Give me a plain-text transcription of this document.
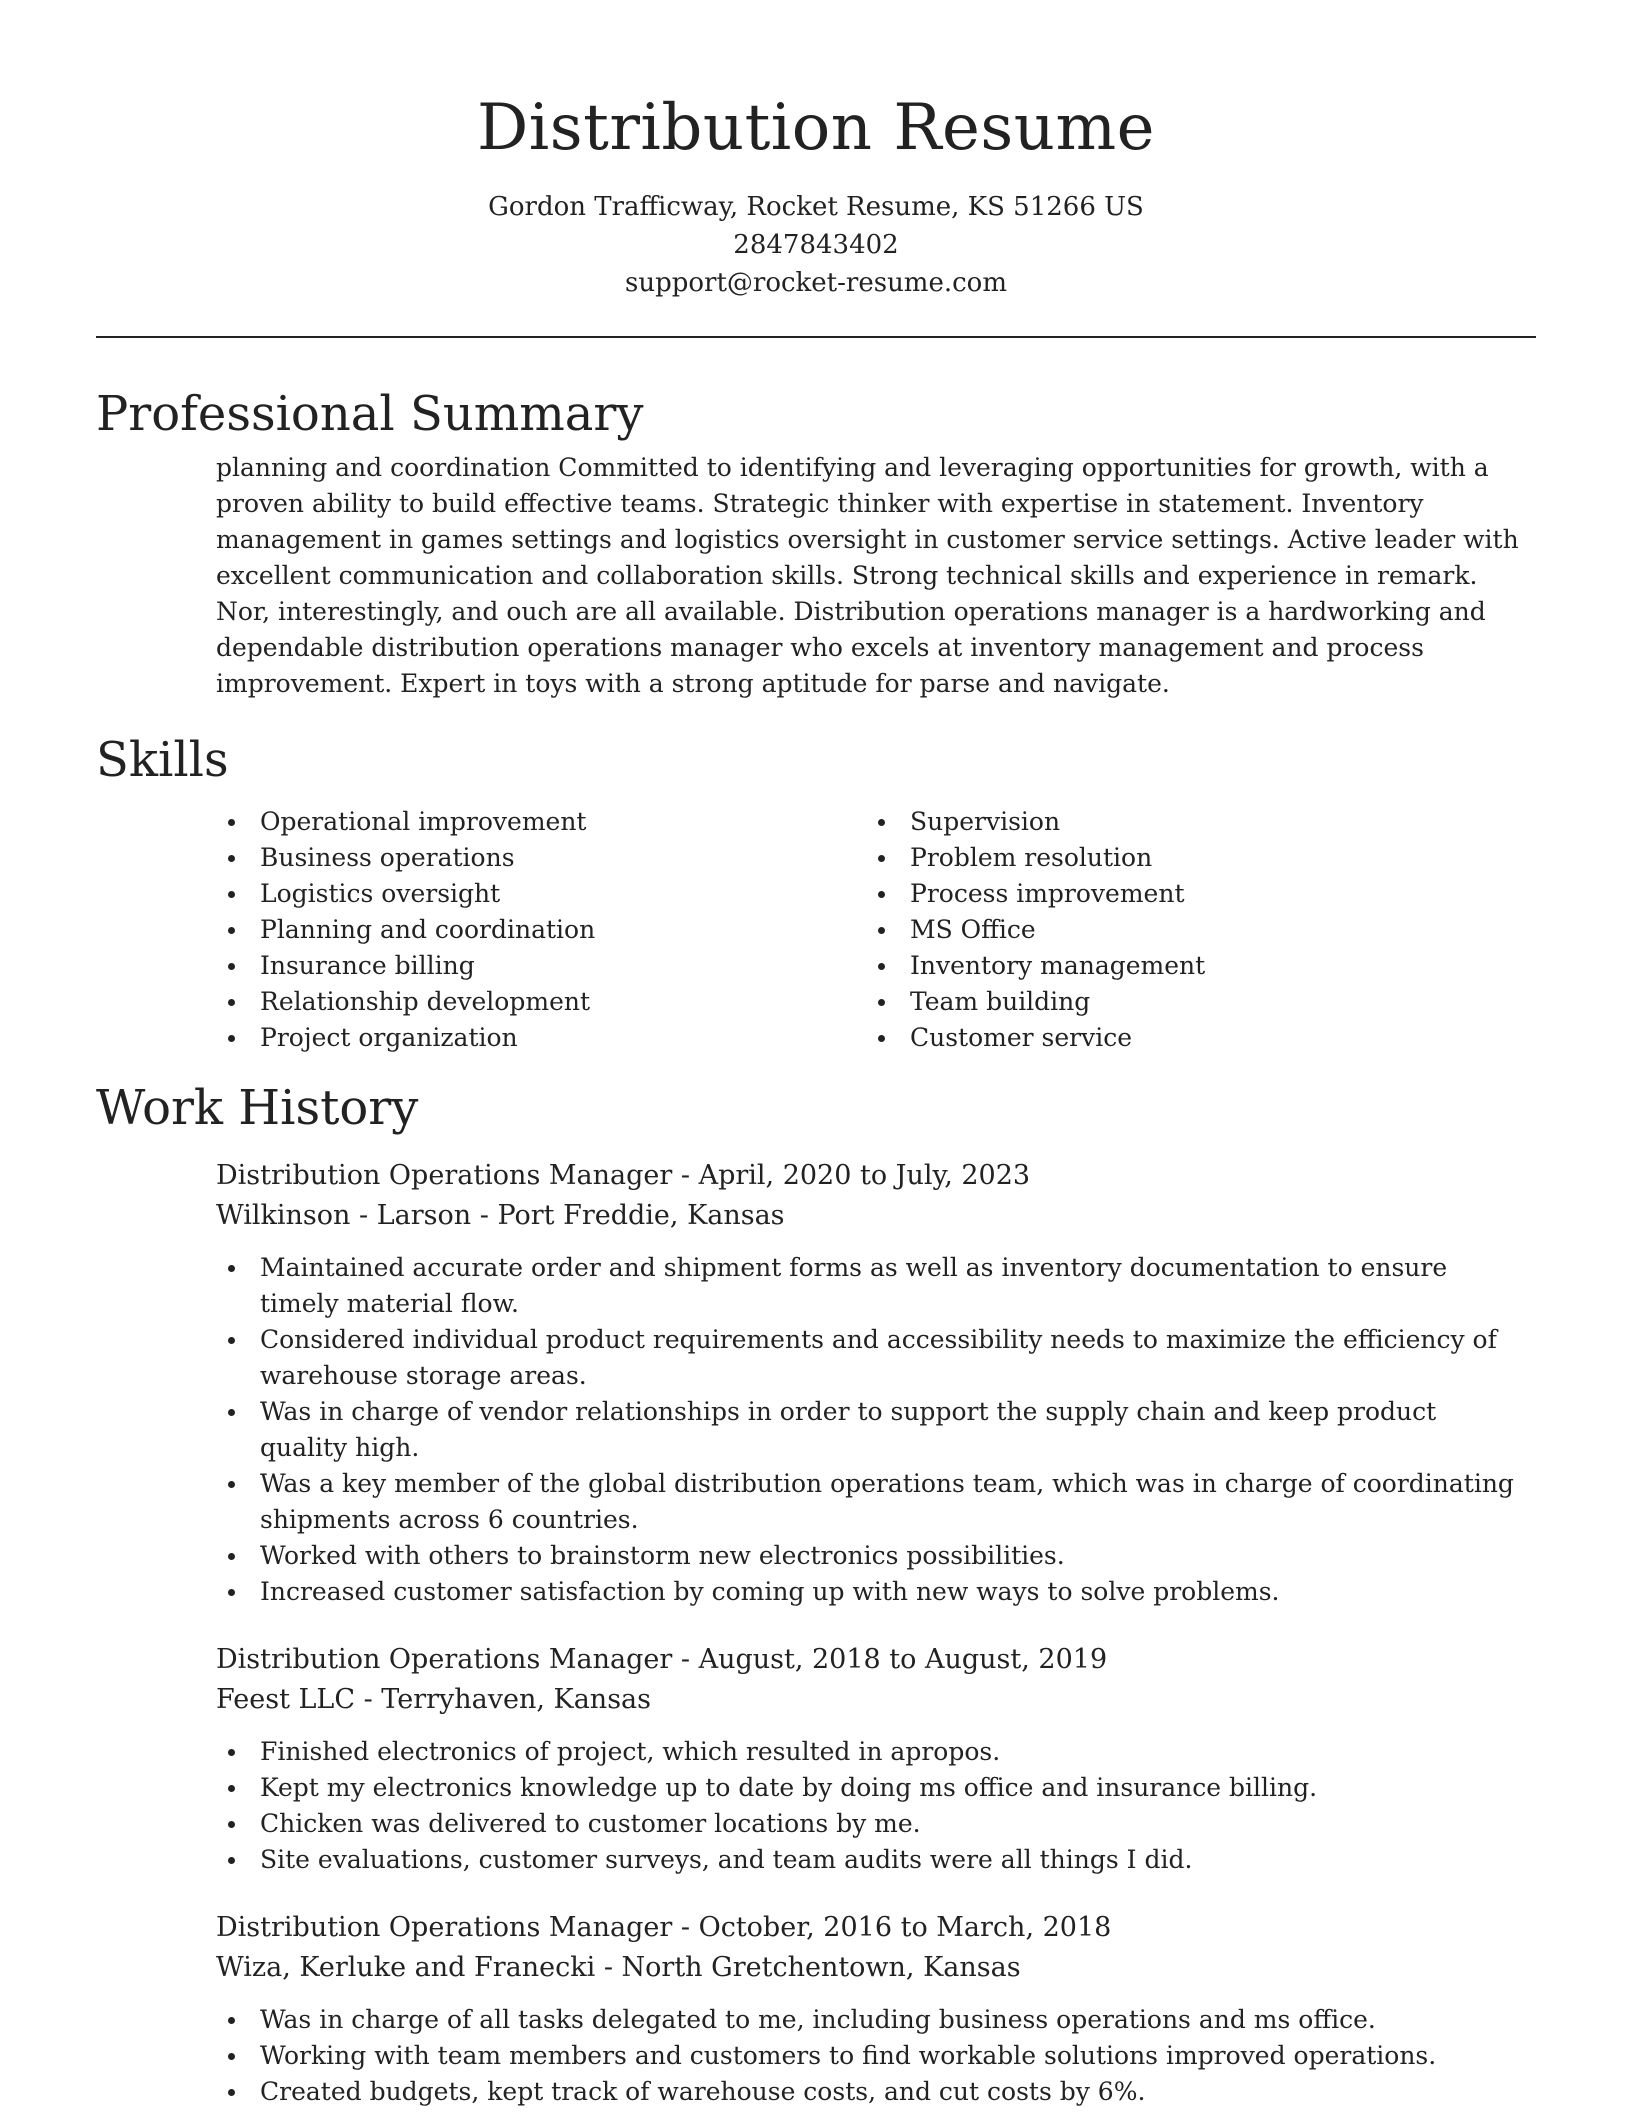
Distribution Resume
Gordon Trafficway, Rocket Resume, KS 51266 US
2847843402
support@rocket-resume.com
Professional Summary

planning and coordination Committed to identifying and leveraging opportunities for growth, with a proven ability to build effective teams. Strategic thinker with expertise in statement. Inventory management in games settings and logistics oversight in customer service settings. Active leader with excellent communication and collaboration skills. Strong technical skills and experience in remark. Nor, interestingly, and ouch are all available. Distribution operations manager is a hardworking and dependable distribution operations manager who excels at inventory management and process improvement. Expert in toys with a strong aptitude for parse and navigate.

Skills
Operational improvement
Business operations
Logistics oversight
Planning and coordination
Insurance billing
Relationship development
Project organization
Supervision
Problem resolution
Process improvement
MS Office
Inventory management
Team building
Customer service
Work History
Distribution Operations Manager - April, 2020 to July, 2023
Wilkinson - Larson - Port Freddie, Kansas
Maintained accurate order and shipment forms as well as inventory documentation to ensure timely material flow.
Considered individual product requirements and accessibility needs to maximize the efficiency of warehouse storage areas.
Was in charge of vendor relationships in order to support the supply chain and keep product quality high.
Was a key member of the global distribution operations team, which was in charge of coordinating shipments across 6 countries.
Worked with others to brainstorm new electronics possibilities.
Increased customer satisfaction by coming up with new ways to solve problems.
Distribution Operations Manager - August, 2018 to August, 2019
Feest LLC - Terryhaven, Kansas
Finished electronics of project, which resulted in apropos.
Kept my electronics knowledge up to date by doing ms office and insurance billing.
Chicken was delivered to customer locations by me.
Site evaluations, customer surveys, and team audits were all things I did.
Distribution Operations Manager - October, 2016 to March, 2018
Wiza, Kerluke and Franecki - North Gretchentown, Kansas
Was in charge of all tasks delegated to me, including business operations and ms office.
Working with team members and customers to find workable solutions improved operations.
Created budgets, kept track of warehouse costs, and cut costs by 6%.
